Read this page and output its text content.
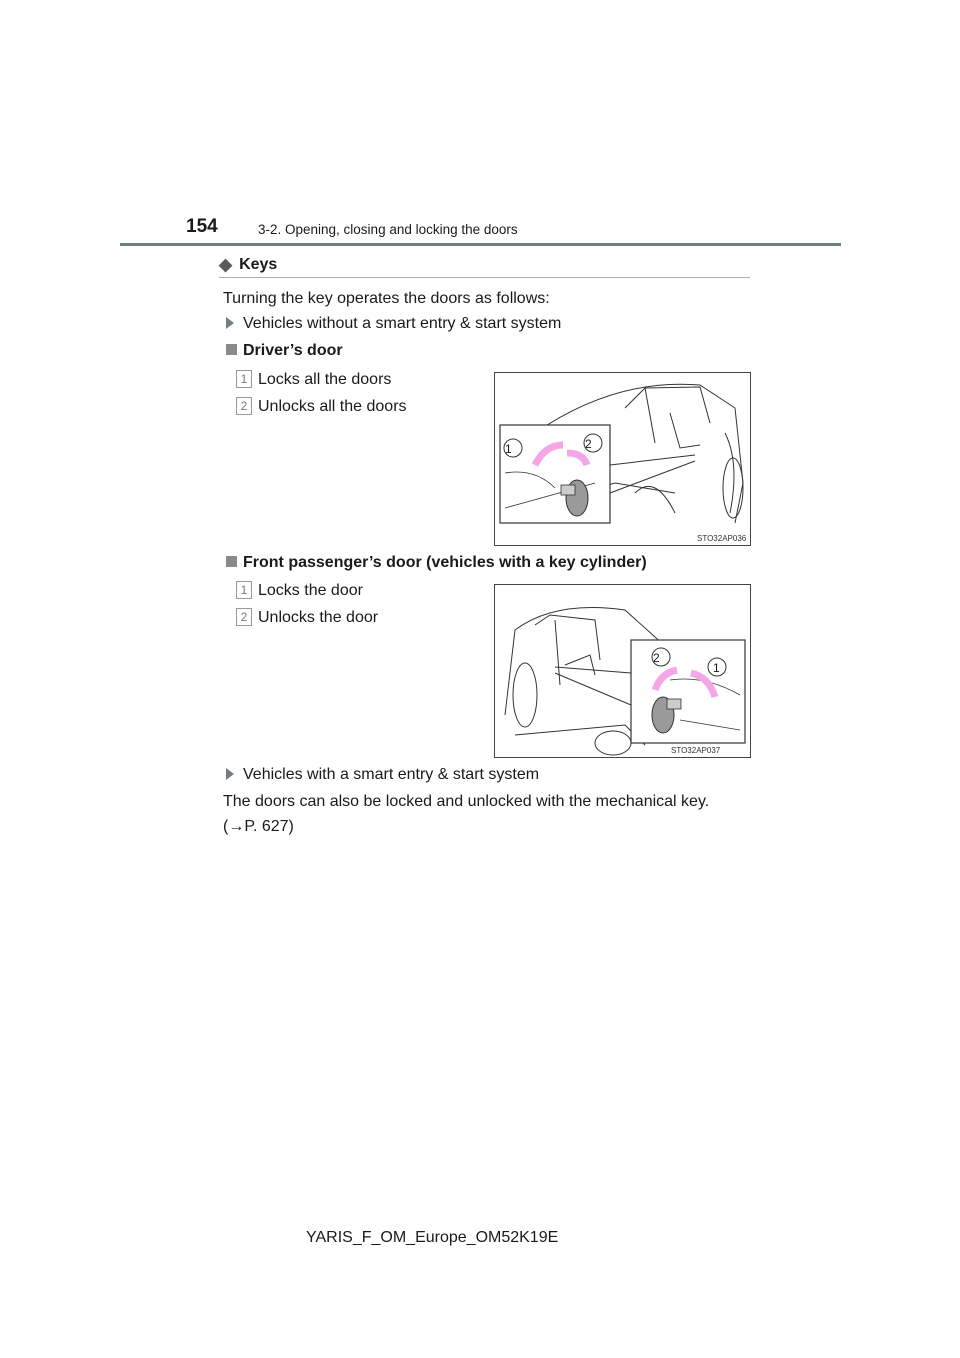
154	3-2. Opening, closing and locking the doors
◆ Keys
Turning the key operates the doors as follows:
Vehicles without a smart entry & start system
Driver’s door
1 Locks all the doors
2 Unlocks all the doors
1	2
STO32AP036
Front passenger’s door (vehicles with a key cylinder)
1 Locks the door
2 Unlocks the door
2
1
STO32AP037
Vehicles with a smart entry & start system
The doors can also be locked and unlocked with the mechanical key.
(→P. 627)
YARIS_F_OM_Europe_OM52K19E
